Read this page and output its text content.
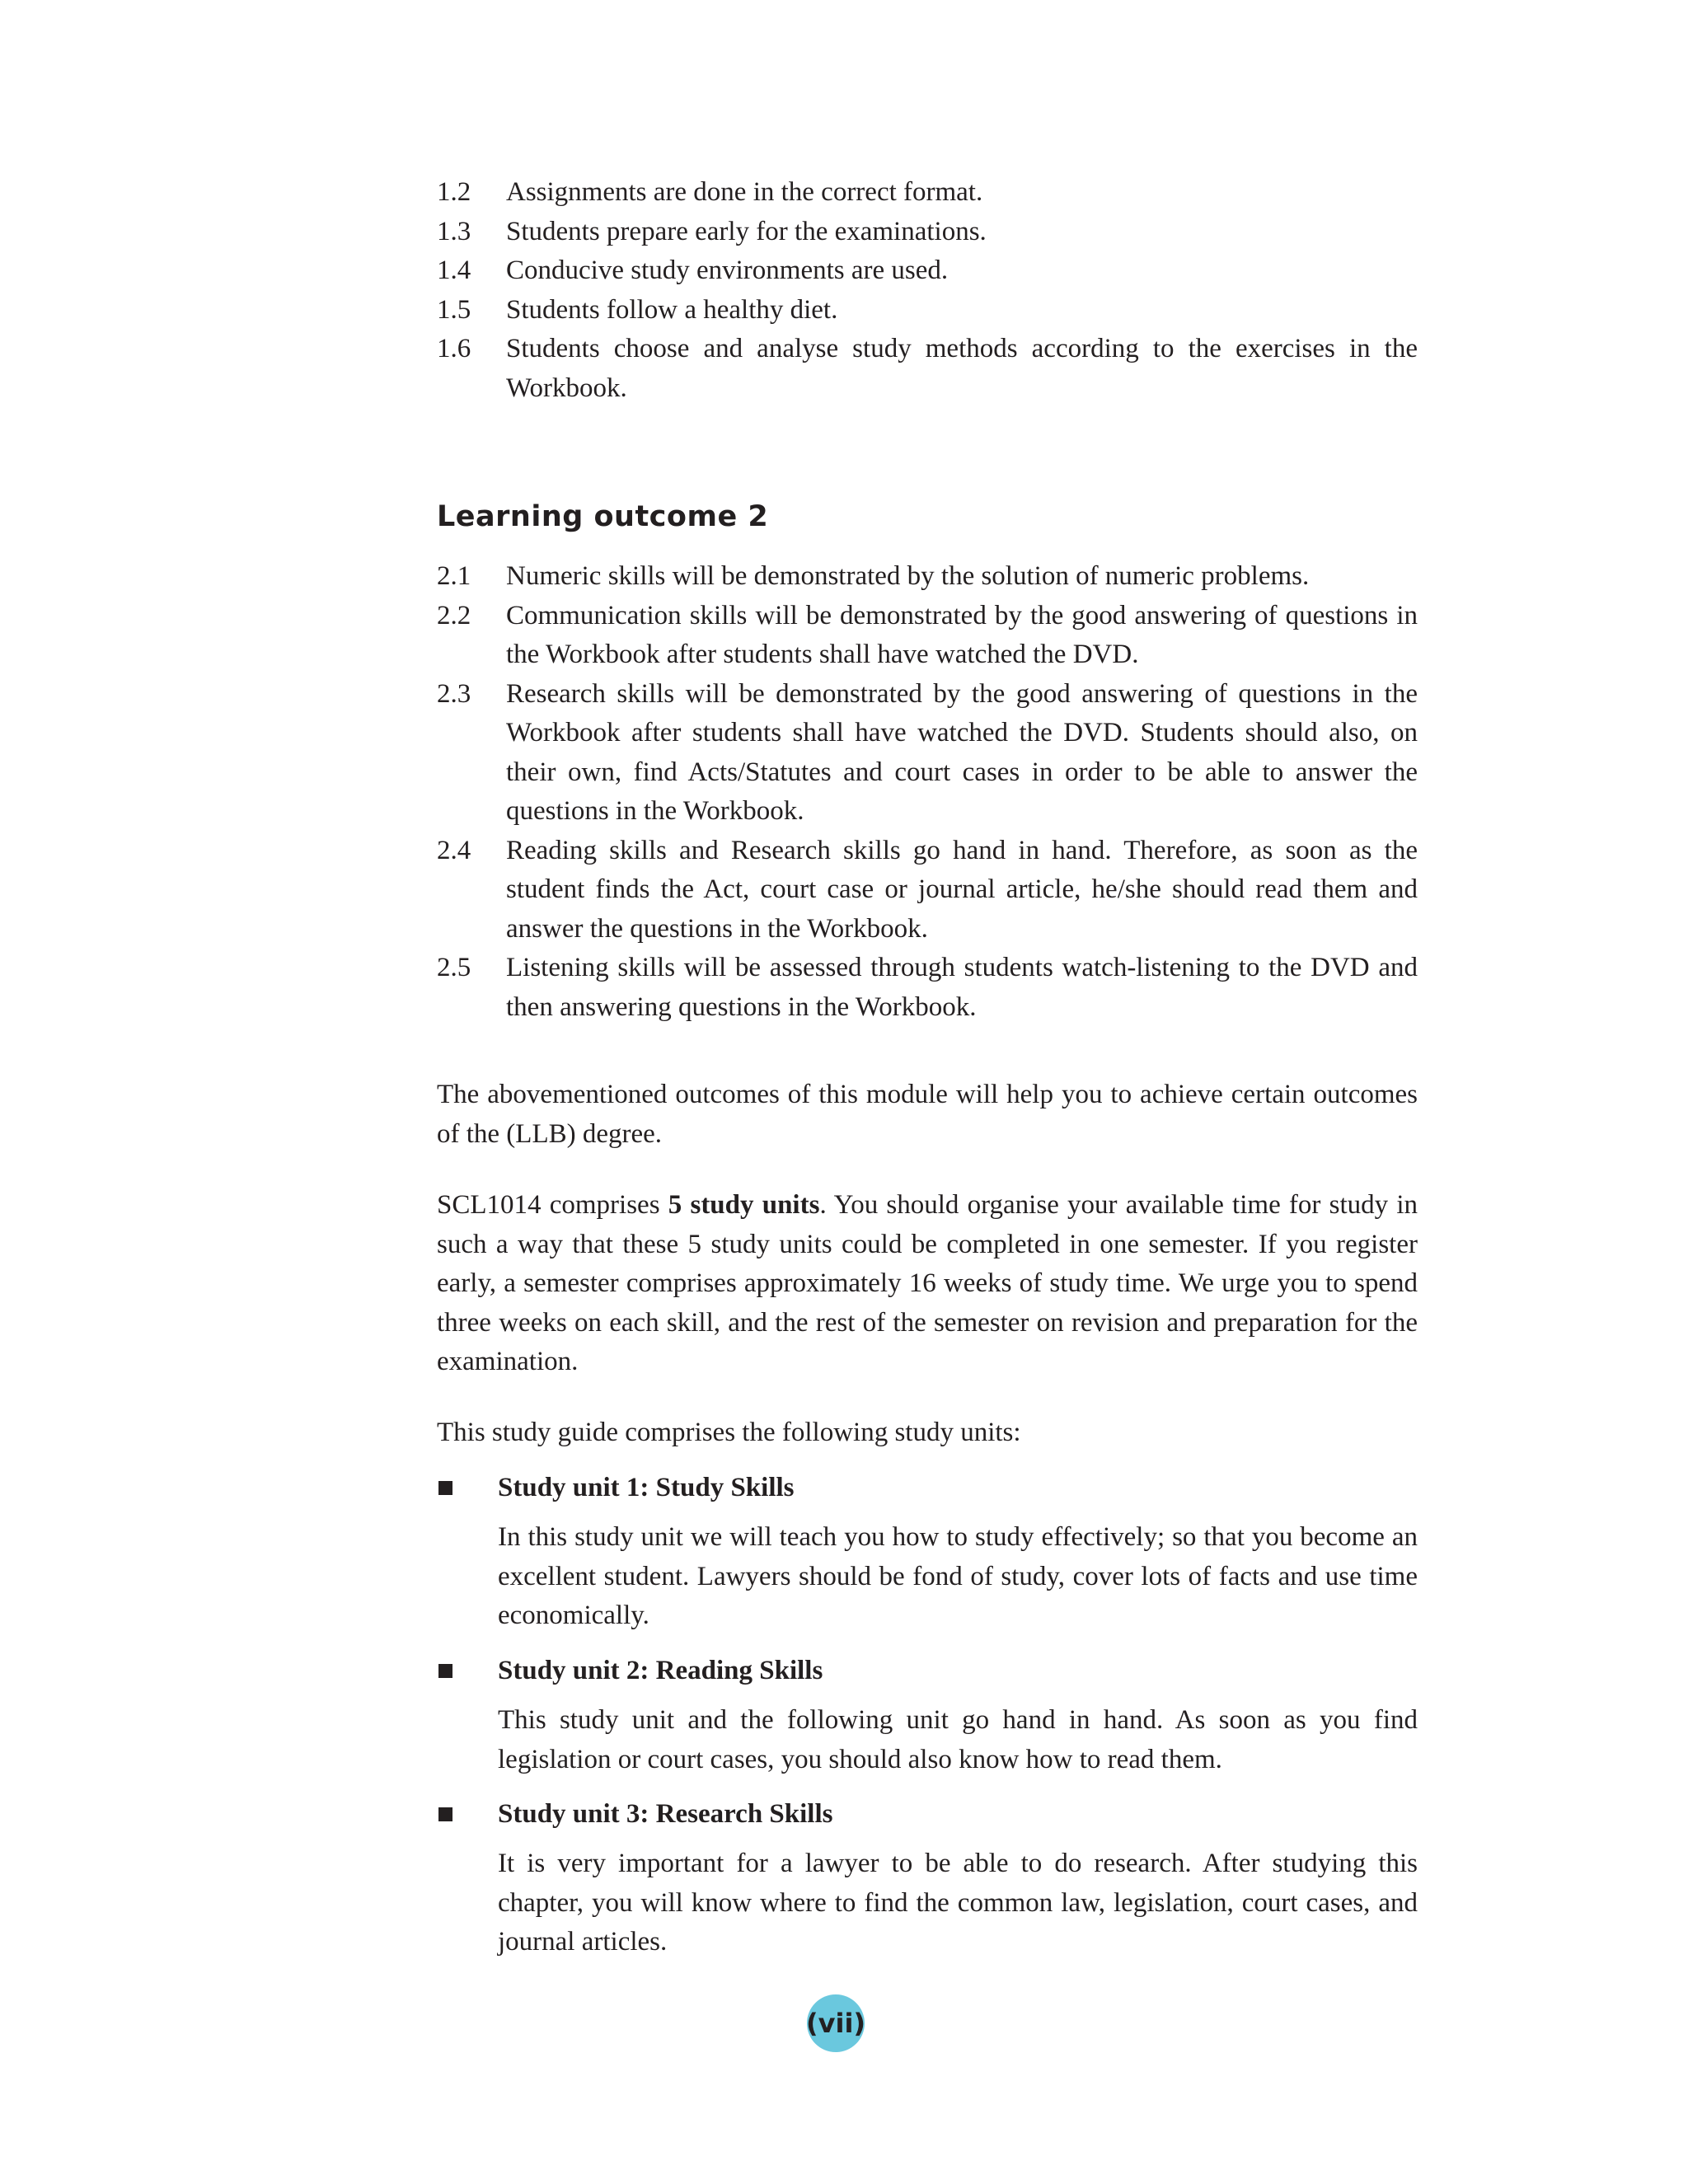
1.2	Assignments are done in the correct format.
1.3	Students prepare early for the examinations.
1.4	Conducive study environments are used.
1.5	Students follow a healthy diet.
1.6	Students choose and analyse study methods according to the exercises in the Workbook.
Learning outcome 2
2.1	Numeric skills will be demonstrated by the solution of numeric problems.
2.2	Communication skills will be demonstrated by the good answering of questions in the Workbook after students shall have watched the DVD.
2.3	Research skills will be demonstrated by the good answering of questions in the Workbook after students shall have watched the DVD. Students should also, on their own, find Acts/Statutes and court cases in order to be able to answer the questions in the Workbook.
2.4	Reading skills and Research skills go hand in hand. Therefore, as soon as the student finds the Act, court case or journal article, he/she should read them and answer the questions in the Workbook.
2.5	Listening skills will be assessed through students watch-listening to the DVD and then answering questions in the Workbook.
The abovementioned outcomes of this module will help you to achieve certain outcomes of the (LLB) degree.
SCL1014 comprises 5 study units. You should organise your available time for study in such a way that these 5 study units could be completed in one semester. If you register early, a semester comprises approximately 16 weeks of study time. We urge you to spend three weeks on each skill, and the rest of the semester on revision and preparation for the examination.
This study guide comprises the following study units:
Study unit 1: Study Skills
In this study unit we will teach you how to study effectively; so that you become an excellent student. Lawyers should be fond of study, cover lots of facts and use time economically.
Study unit 2: Reading Skills
This study unit and the following unit go hand in hand. As soon as you find legislation or court cases, you should also know how to read them.
Study unit 3: Research Skills
It is very important for a lawyer to be able to do research. After studying this chapter, you will know where to find the common law, legislation, court cases, and journal articles.
(vii)
